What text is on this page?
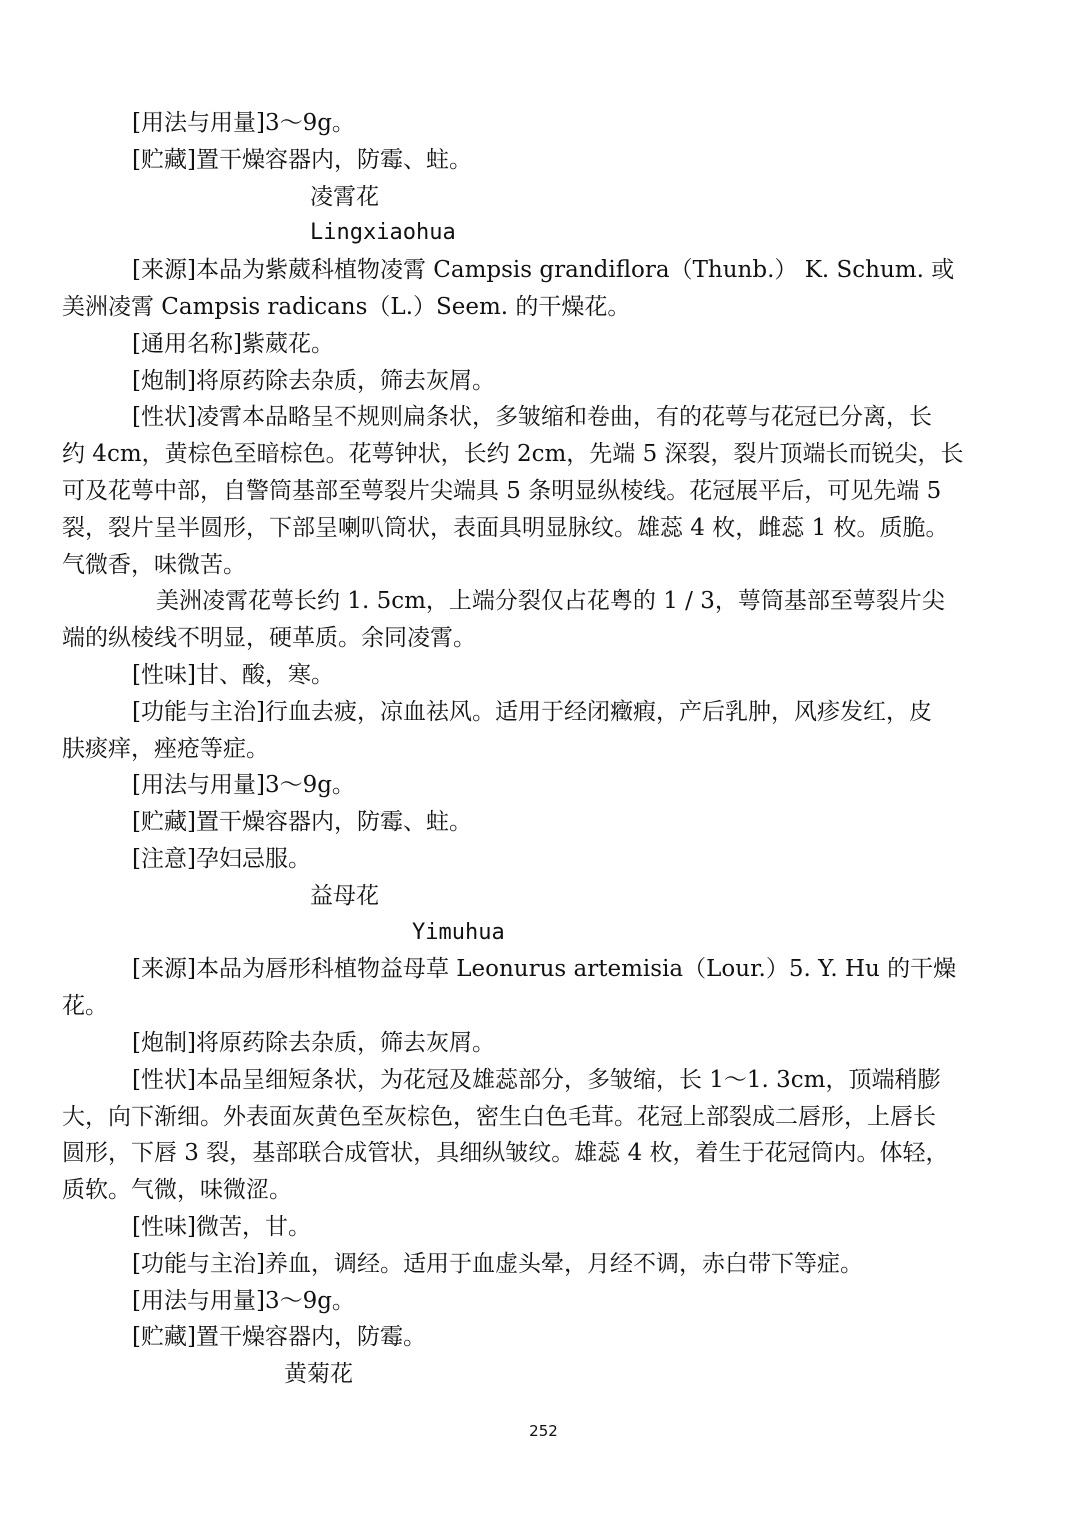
[用法与用量]3～9g。
[贮藏]置干燥容器内，防霉、蛀。
凌霄花
Lingxiaohua
[来源]本品为紫葳科植物凌霄 Campsis grandiflora（Thunb.） K. Schum. 或
美洲凌霄 Campsis radicans（L.）Seem. 的干燥花。
[通用名称]紫葳花。
[炮制]将原药除去杂质，筛去灰屑。
[性状]凌霄本品略呈不规则扁条状，多皱缩和卷曲，有的花萼与花冠已分离，长
约 4cm，黄棕色至暗棕色。花萼钟状，长约 2cm，先端 5 深裂，裂片顶端长而锐尖，长
可及花萼中部，自警筒基部至萼裂片尖端具 5 条明显纵棱线。花冠展平后，可见先端 5
裂，裂片呈半圆形，下部呈喇叭筒状，表面具明显脉纹。雄蕊 4 枚，雌蕊 1 枚。质脆。
气微香，味微苦。
美洲凌霄花萼长约 1. 5cm，上端分裂仅占花粤的 1 / 3，萼筒基部至萼裂片尖
端的纵棱线不明显，硬革质。余同凌霄。
[性味]甘、酸，寒。
[功能与主治]行血去疲，凉血祛风。适用于经闭癥瘕，产后乳肿，风疹发红，皮
肤痰痒，痤疮等症。
[用法与用量]3～9g。
[贮藏]置干燥容器内，防霉、蛀。
[注意]孕妇忌服。
益母花
Yimuhua
[来源]本品为唇形科植物益母草 Leonurus artemisia（Lour.）5. Y. Hu 的干燥
花。
[炮制]将原药除去杂质，筛去灰屑。
[性状]本品呈细短条状，为花冠及雄蕊部分，多皱缩，长 1～1. 3cm，顶端稍膨
大，向下渐细。外表面灰黄色至灰棕色，密生白色毛茸。花冠上部裂成二唇形，上唇长
圆形，下唇 3 裂，基部联合成管状，具细纵皱纹。雄蕊 4 枚，着生于花冠筒内。体轻，
质软。气微，味微涩。
[性味]微苦，甘。
[功能与主治]养血，调经。适用于血虚头晕，月经不调，赤白带下等症。
[用法与用量]3～9g。
[贮藏]置干燥容器内，防霉。
黄菊花
252
